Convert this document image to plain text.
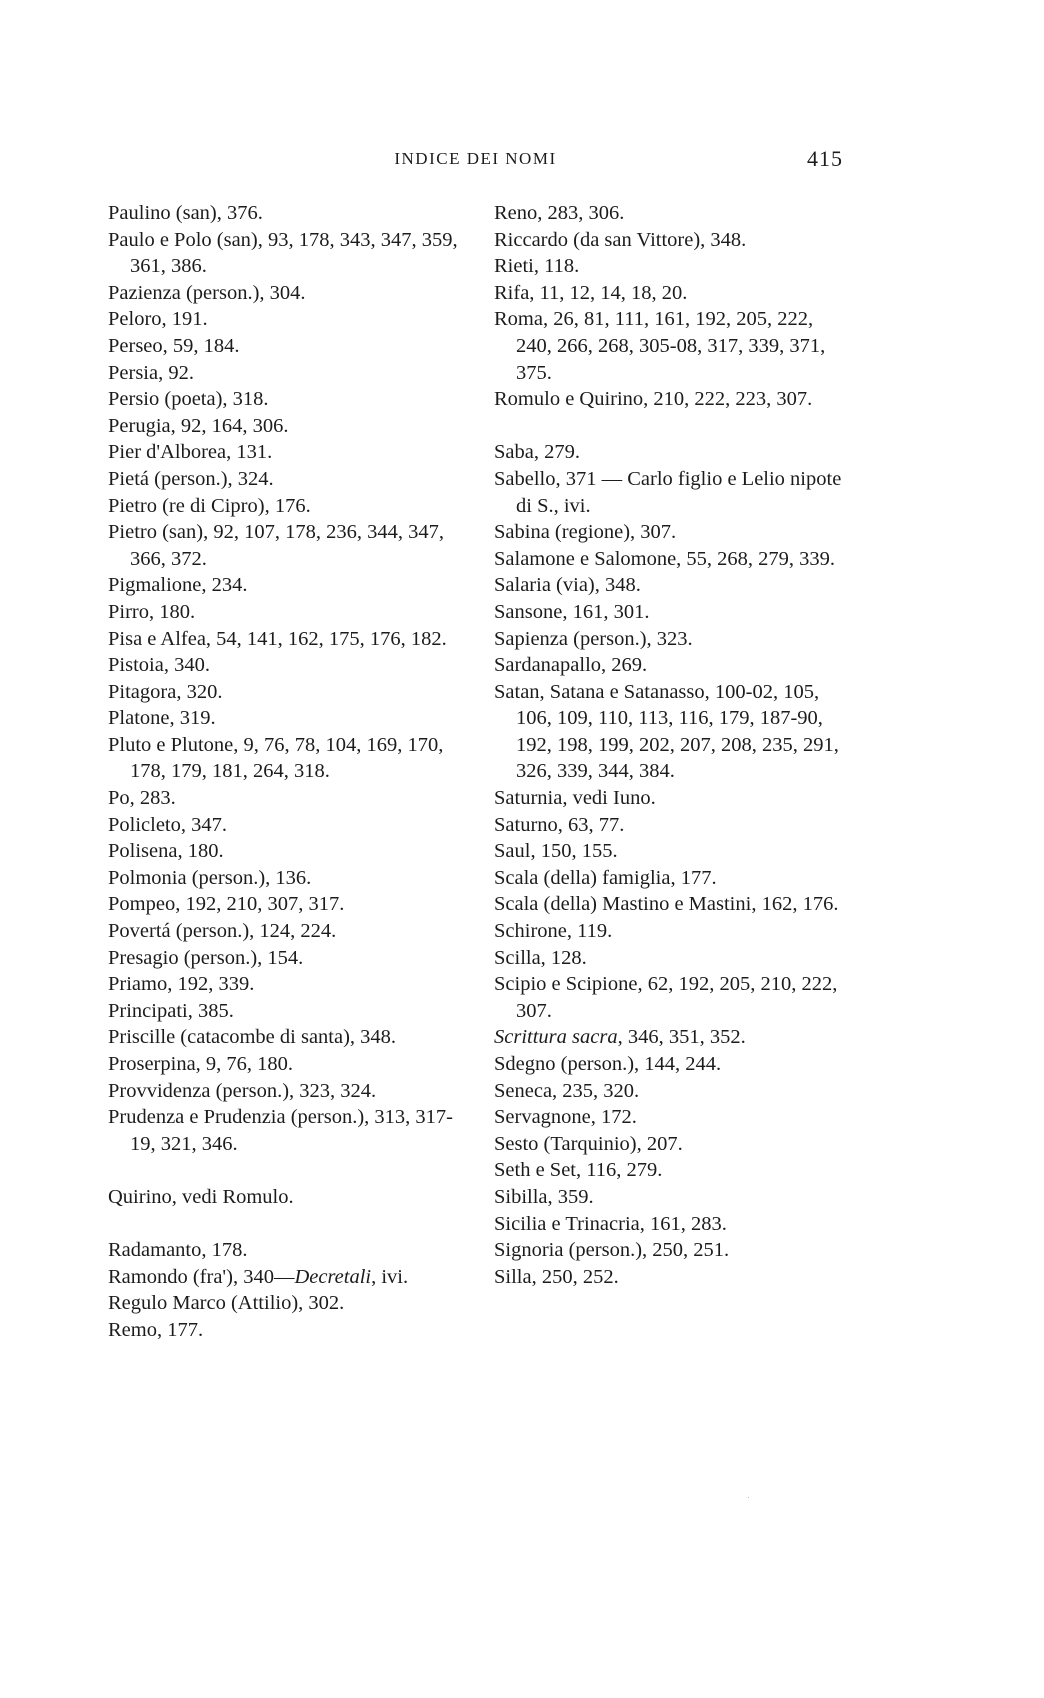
INDICE DEI NOMI	415
Paulino (san), 376.
Paulo e Polo (san), 93, 178, 343, 347, 359, 361, 386.
Pazienza (person.), 304.
Peloro, 191.
Perseo, 59, 184.
Persia, 92.
Persio (poeta), 318.
Perugia, 92, 164, 306.
Pier d'Alborea, 131.
Pietá (person.), 324.
Pietro (re di Cipro), 176.
Pietro (san), 92, 107, 178, 236, 344, 347, 366, 372.
Pigmalione, 234.
Pirro, 180.
Pisa e Alfea, 54, 141, 162, 175, 176, 182.
Pistoia, 340.
Pitagora, 320.
Platone, 319.
Pluto e Plutone, 9, 76, 78, 104, 169, 170, 178, 179, 181, 264, 318.
Po, 283.
Policleto, 347.
Polisena, 180.
Polmonia (person.), 136.
Pompeo, 192, 210, 307, 317.
Povertá (person.), 124, 224.
Presagio (person.), 154.
Priamo, 192, 339.
Principati, 385.
Priscille (catacombe di santa), 348.
Proserpina, 9, 76, 180.
Provvidenza (person.), 323, 324.
Prudenza e Prudenzia (person.), 313, 317-19, 321, 346.
Quirino, vedi Romulo.
Radamanto, 178.
Ramondo (fra'), 340—Decretali, ivi.
Regulo Marco (Attilio), 302.
Remo, 177.
Reno, 283, 306.
Riccardo (da san Vittore), 348.
Rieti, 118.
Rifa, 11, 12, 14, 18, 20.
Roma, 26, 81, 111, 161, 192, 205, 222, 240, 266, 268, 305-08, 317, 339, 371, 375.
Romulo e Quirino, 210, 222, 223, 307.
Saba, 279.
Sabello, 371 — Carlo figlio e Lelio nipote di S., ivi.
Sabina (regione), 307.
Salamone e Salomone, 55, 268, 279, 339.
Salaria (via), 348.
Sansone, 161, 301.
Sapienza (person.), 323.
Sardanapallo, 269.
Satan, Satana e Satanasso, 100-02, 105, 106, 109, 110, 113, 116, 179, 187-90, 192, 198, 199, 202, 207, 208, 235, 291, 326, 339, 344, 384.
Saturnia, vedi Iuno.
Saturno, 63, 77.
Saul, 150, 155.
Scala (della) famiglia, 177.
Scala (della) Mastino e Mastini, 162, 176.
Schirone, 119.
Scilla, 128.
Scipio e Scipione, 62, 192, 205, 210, 222, 307.
Scrittura sacra, 346, 351, 352.
Sdegno (person.), 144, 244.
Seneca, 235, 320.
Servagnone, 172.
Sesto (Tarquinio), 207.
Seth e Set, 116, 279.
Sibilla, 359.
Sicilia e Trinacria, 161, 283.
Signoria (person.), 250, 251.
Silla, 250, 252.
